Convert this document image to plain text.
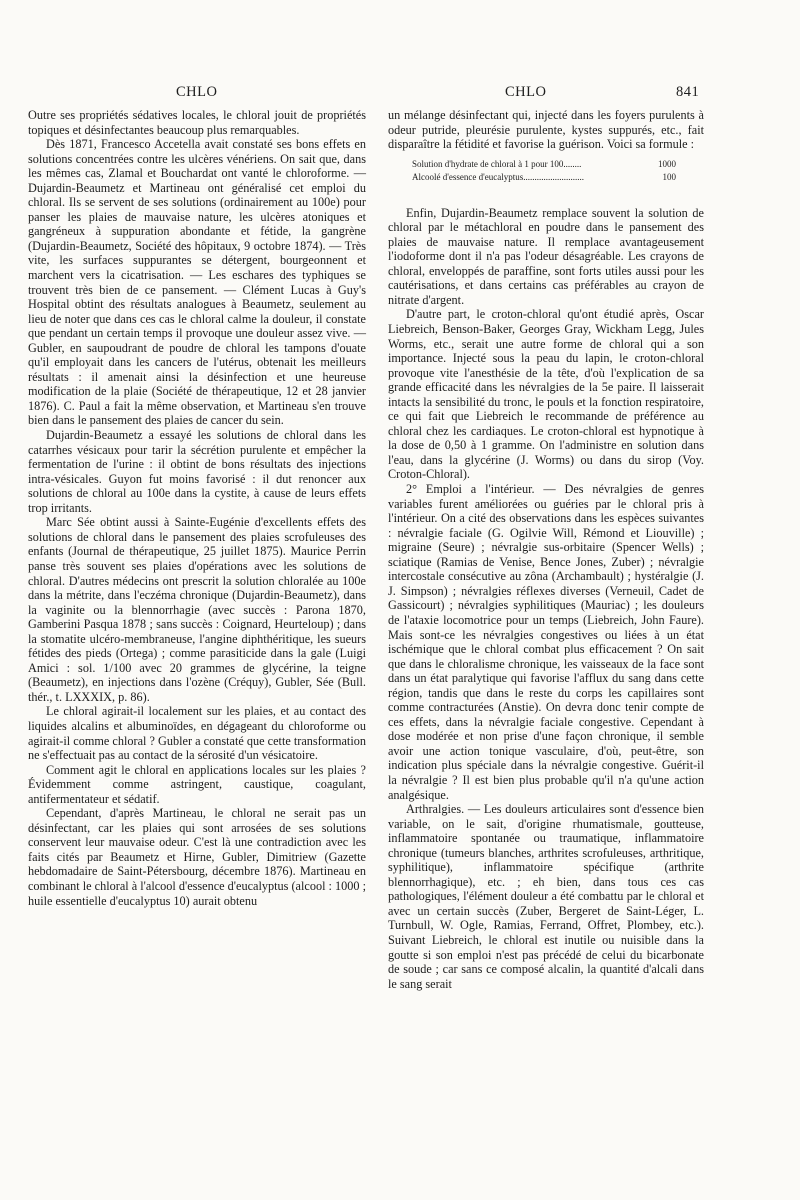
CHLO	CHLO	841

Outre ses propriétés sédatives locales, le chloral jouit de propriétés topiques et désinfectantes beaucoup plus remarquables.

Dès 1871, Francesco Accetella avait constaté ses bons effets en solutions concentrées contre les ulcères vénériens. On sait que, dans les mêmes cas, Zlamal et Bouchardat ont vanté le chloroforme. — Dujardin-Beaumetz et Martineau ont généralisé cet emploi du chloral. Ils se servent de ses solutions (ordinairement au 100e) pour panser les plaies de mauvaise nature, les ulcères atoniques et gangréneux à suppuration abondante et fétide, la gangrène (Dujardin-Beaumetz, Société des hôpitaux, 9 octobre 1874). — Très vite, les surfaces suppurantes se détergent, bourgeonnent et marchent vers la cicatrisation. — Les eschares des typhiques se trouvent très bien de ce pansement. — Clément Lucas à Guy's Hospital obtint des résultats analogues à Beaumetz, seulement au lieu de noter que dans ces cas le chloral calme la douleur, il constate que pendant un certain temps il provoque une douleur assez vive. — Gubler, en saupoudrant de poudre de chloral les tampons d'ouate qu'il employait dans les cancers de l'utérus, obtenait les meilleurs résultats : il amenait ainsi la désinfection et une heureuse modification de la plaie (Société de thérapeutique, 12 et 28 janvier 1876). C. Paul a fait la même observation, et Martineau s'en trouve bien dans le pansement des plaies de cancer du sein.

Dujardin-Beaumetz a essayé les solutions de chloral dans les catarrhes vésicaux pour tarir la sécrétion purulente et empêcher la fermentation de l'urine : il obtint de bons résultats des injections intra-vésicales. Guyon fut moins favorisé : il dut renoncer aux solutions de chloral au 100e dans la cystite, à cause de leurs effets trop irritants.

Marc Sée obtint aussi à Sainte-Eugénie d'excellents effets des solutions de chloral dans le pansement des plaies scrofuleuses des enfants (Journal de thérapeutique, 25 juillet 1875). Maurice Perrin panse très souvent ses plaies d'opérations avec les solutions de chloral. D'autres médecins ont prescrit la solution chloralée au 100e dans la métrite, dans l'eczéma chronique (Dujardin-Beaumetz), dans la vaginite ou la blennorrhagie (avec succès : Parona 1870, Gamberini Pasqua 1878 ; sans succès : Coignard, Heurteloup) ; dans la stomatite ulcéro-membraneuse, l'angine diphthéritique, les sueurs fétides des pieds (Ortega) ; comme parasiticide dans la gale (Luigi Amici : sol. 1/100 avec 20 grammes de glycérine, la teigne (Beaumetz), en injections dans l'ozène (Créquy), Gubler, Sée (Bull. thér., t. LXXXIX, p. 86).

Le chloral agirait-il localement sur les plaies, et au contact des liquides alcalins et albuminoïdes, en dégageant du chloroforme ou agirait-il comme chloral ? Gubler a constaté que cette transformation ne s'effectuait pas au contact de la sérosité d'un vésicatoire.

Comment agit le chloral en applications locales sur les plaies ? Évidemment comme astringent, caustique, coagulant, antifermentateur et sédatif.

Cependant, d'après Martineau, le chloral ne serait pas un désinfectant, car les plaies qui sont arrosées de ses solutions conservent leur mauvaise odeur. C'est là une contradiction avec les faits cités par Beaumetz et Hirne, Gubler, Dimitriew (Gazette hebdomadaire de Saint-Pétersbourg, décembre 1876). Martineau en combinant le chloral à l'alcool d'essence d'eucalyptus (alcool : 1000 ; huile essentielle d'eucalyptus 10) aurait obtenu

un mélange désinfectant qui, injecté dans les foyers purulents à odeur putride, pleurésie purulente, kystes suppurés, etc., fait disparaître la fétidité et favorise la guérison. Voici sa formule :

Solution d'hydrate de chloral à 1 pour 100........	1000
Alcoolé d'essence d'eucalyptus...........................	100

Enfin, Dujardin-Beaumetz remplace souvent la solution de chloral par le métachloral en poudre dans le pansement des plaies de mauvaise nature. Il remplace avantageusement l'iodoforme dont il n'a pas l'odeur désagréable. Les crayons de chloral, enveloppés de paraffine, sont forts utiles aussi pour les cautérisations, et dans certains cas préférables au crayon de nitrate d'argent.

D'autre part, le croton-chloral qu'ont étudié après, Oscar Liebreich, Benson-Baker, Georges Gray, Wickham Legg, Jules Worms, etc., serait une autre forme de chloral qui a son importance. Injecté sous la peau du lapin, le croton-chloral provoque vite l'anesthésie de la tête, d'où l'explication de sa grande efficacité dans les névralgies de la 5e paire. Il laisserait intacts la sensibilité du tronc, le pouls et la fonction respiratoire, ce qui fait que Liebreich le recommande de préférence au chloral chez les cardiaques. Le croton-chloral est hypnotique à la dose de 0,50 à 1 gramme. On l'administre en solution dans l'eau, dans la glycérine (J. Worms) ou dans du sirop (Voy. Croton-Chloral).

2° Emploi a l'intérieur. — Des névralgies de genres variables furent améliorées ou guéries par le chloral pris à l'intérieur. On a cité des observations dans les espèces suivantes : névralgie faciale (G. Ogilvie Will, Rémond et Liouville) ; migraine (Seure) ; névralgie sus-orbitaire (Spencer Wells) ; sciatique (Ramias de Venise, Bence Jones, Zuber) ; névralgie intercostale consécutive au zôna (Archambault) ; hystéralgie (J. J. Simpson) ; névralgies réflexes diverses (Verneuil, Cadet de Gassicourt) ; névralgies syphilitiques (Mauriac) ; les douleurs de l'ataxie locomotrice pour un temps (Liebreich, John Faure). Mais sont-ce les névralgies congestives ou liées à un état ischémique que le chloral combat plus efficacement ? On sait que dans le chloralisme chronique, les vaisseaux de la face sont dans un état paralytique qui favorise l'afflux du sang dans cette région, tandis que dans le reste du corps les capillaires sont comme contracturées (Anstie). On devra donc tenir compte de ces effets, dans la névralgie faciale congestive. Cependant à dose modérée et non prise d'une façon chronique, il semble avoir une action tonique vasculaire, d'où, peut-être, son indication plus spéciale dans la névralgie congestive. Guérit-il la névralgie ? Il est bien plus probable qu'il n'a qu'une action analgésique.

Arthralgies. — Les douleurs articulaires sont d'essence bien variable, on le sait, d'origine rhumatismale, goutteuse, inflammatoire spontanée ou traumatique, inflammatoire chronique (tumeurs blanches, arthrites scrofuleuses, arthritique, syphilitique), inflammatoire spécifique (arthrite blennorrhagique), etc. ; eh bien, dans tous ces cas pathologiques, l'élément douleur a été combattu par le chloral et avec un certain succès (Zuber, Bergeret de Saint-Léger, L. Turnbull, W. Ogle, Ramias, Ferrand, Offret, Plombey, etc.). Suivant Liebreich, le chloral est inutile ou nuisible dans la goutte si son emploi n'est pas précédé de celui du bicarbonate de soude ; car sans ce composé alcalin, la quantité d'alcali dans le sang serait
